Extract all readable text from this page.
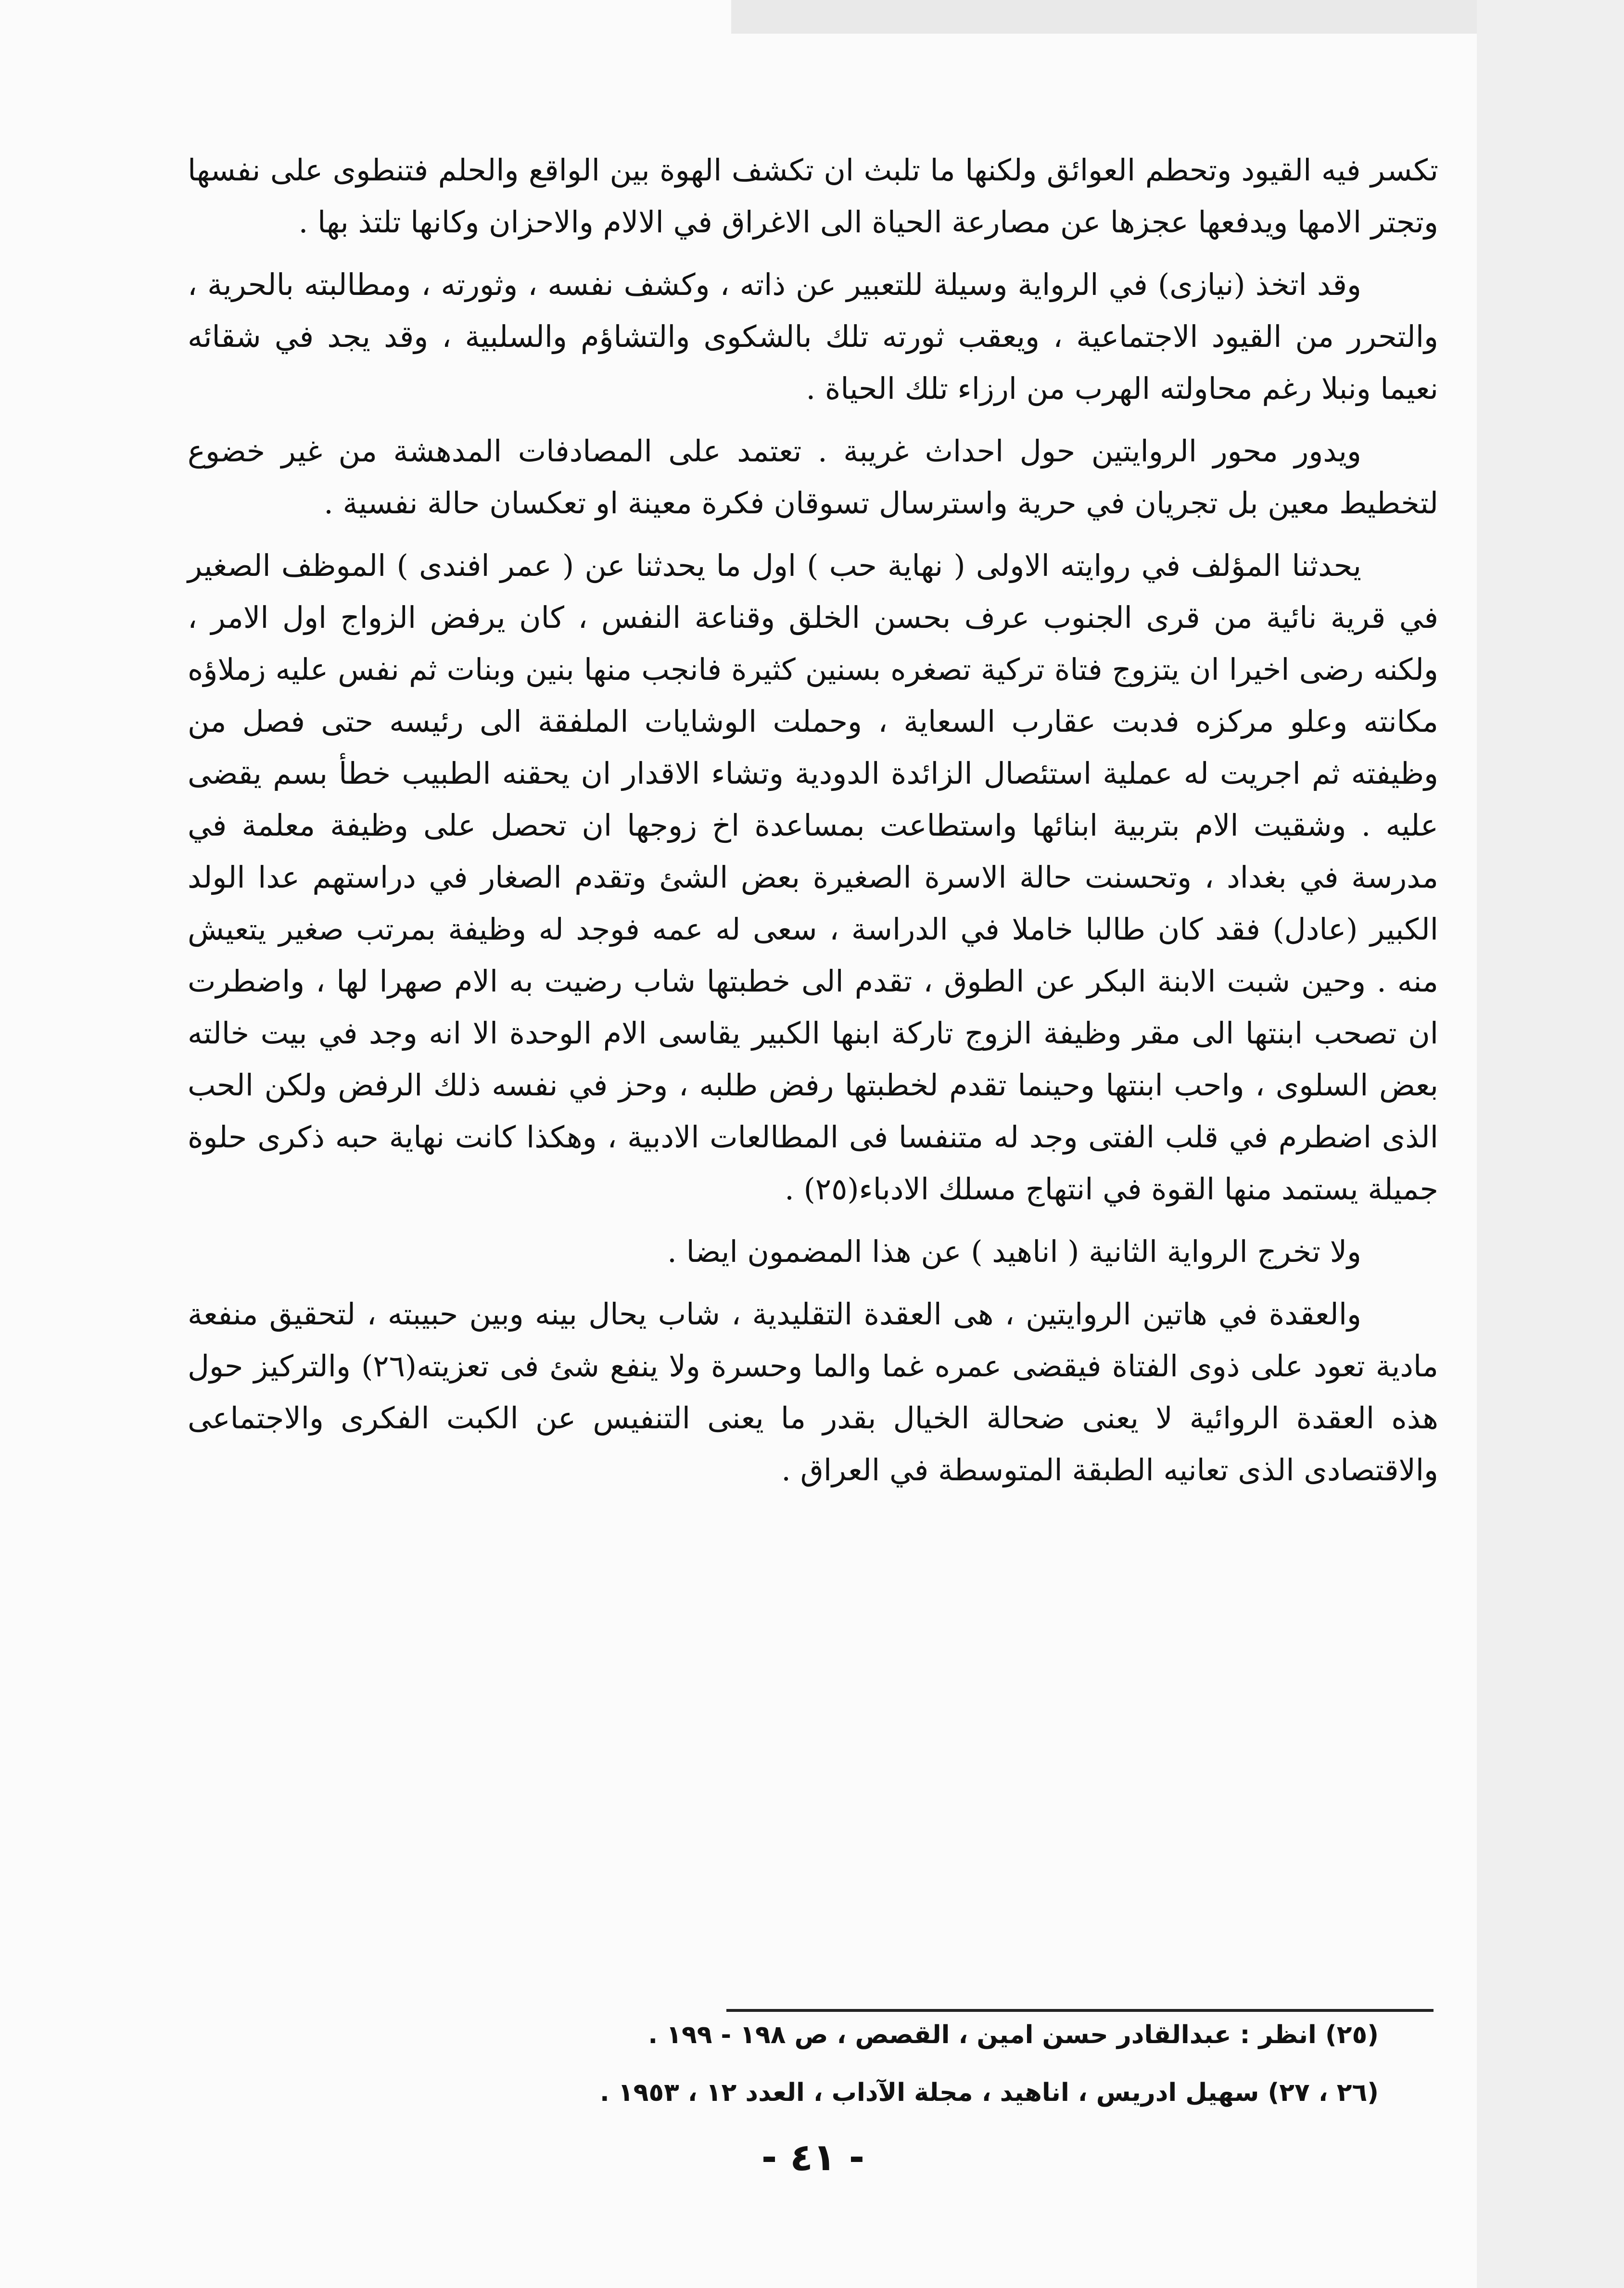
تكسر فيه القيود وتحطم العوائق ولكنها ما تلبث ان تكشف الهوة بين الواقع والحلم فتنطوى على نفسها وتجتر الامها ويدفعها عجزها عن مصارعة الحياة الى الاغراق في الالام والاحزان وكانها تلتذ بها .

وقد اتخذ (نيازى) في الرواية وسيلة للتعبير عن ذاته ، وكشف نفسه ، وثورته ، ومطالبته بالحرية ، والتحرر من القيود الاجتماعية ، ويعقب ثورته تلك بالشكوى والتشاؤم والسلبية ، وقد يجد في شقائه نعيما ونبلا رغم محاولته الهرب من ارزاء تلك الحياة .

ويدور محور الروايتين حول احداث غريبة . تعتمد على المصادفات المدهشة من غير خضوع لتخطيط معين بل تجريان في حرية واسترسال تسوقان فكرة معينة او تعكسان حالة نفسية .

يحدثنا المؤلف في روايته الاولى ( نهاية حب ) اول ما يحدثنا عن ( عمر افندى ) الموظف الصغير في قرية نائية من قرى الجنوب عرف بحسن الخلق وقناعة النفس ، كان يرفض الزواج اول الامر ، ولكنه رضى اخيرا ان يتزوج فتاة تركية تصغره بسنين كثيرة فانجب منها بنين وبنات ثم نفس عليه زملاؤه مكانته وعلو مركزه فدبت عقارب السعاية ، وحملت الوشايات الملفقة الى رئيسه حتى فصل من وظيفته ثم اجريت له عملية استئصال الزائدة الدودية وتشاء الاقدار ان يحقنه الطبيب خطأ بسم يقضى عليه . وشقيت الام بتربية ابنائها واستطاعت بمساعدة اخ زوجها ان تحصل على وظيفة معلمة في مدرسة في بغداد ، وتحسنت حالة الاسرة الصغيرة بعض الشئ وتقدم الصغار في دراستهم عدا الولد الكبير (عادل) فقد كان طالبا خاملا في الدراسة ، سعى له عمه فوجد له وظيفة بمرتب صغير يتعيش منه . وحين شبت الابنة البكر عن الطوق ، تقدم الى خطبتها شاب رضيت به الام صهرا لها ، واضطرت ان تصحب ابنتها الى مقر وظيفة الزوج تاركة ابنها الكبير يقاسى الام الوحدة الا انه وجد في بيت خالته بعض السلوى ، واحب ابنتها وحينما تقدم لخطبتها رفض طلبه ، وحز في نفسه ذلك الرفض ولكن الحب الذى اضطرم في قلب الفتى وجد له متنفسا فى المطالعات الادبية ، وهكذا كانت نهاية حبه ذكرى حلوة جميلة يستمد منها القوة في انتهاج مسلك الادباء(٢٥) .

ولا تخرج الرواية الثانية ( اناهيد ) عن هذا المضمون ايضا .

والعقدة في هاتين الروايتين ، هى العقدة التقليدية ، شاب يحال بينه وبين حبيبته ، لتحقيق منفعة مادية تعود على ذوى الفتاة فيقضى عمره غما والما وحسرة ولا ينفع شئ فى تعزيته(٢٦) والتركيز حول هذه العقدة الروائية لا يعنى ضحالة الخيال بقدر ما يعنى التنفيس عن الكبت الفكرى والاجتماعى والاقتصادى الذى تعانيه الطبقة المتوسطة في العراق .

(٢٥) انظر : عبدالقادر حسن امين ، القصص ، ص ١٩٨ - ١٩٩ .
(٢٦ ، ٢٧) سهيل ادريس ، اناهيد ، مجلة الآداب ، العدد ١٢ ، ١٩٥٣ .
- ٤١ -
